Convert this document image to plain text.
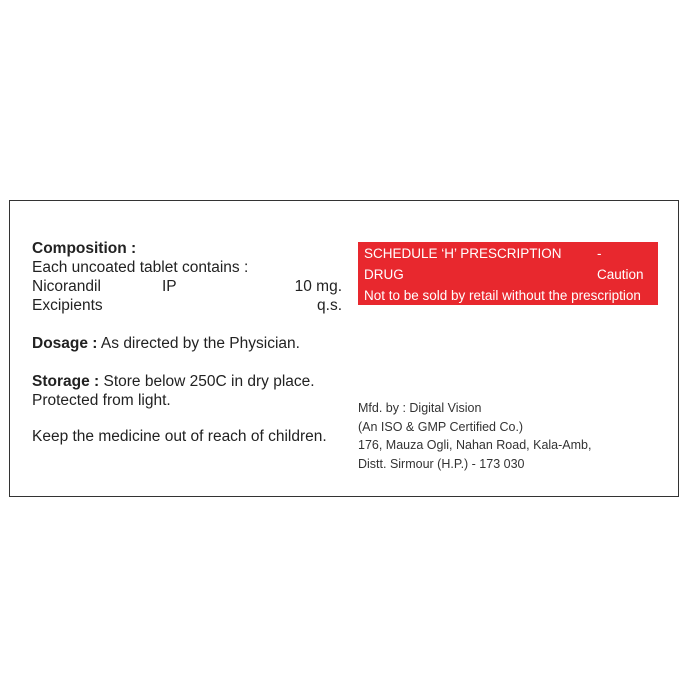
Composition :
Each uncoated tablet contains :
Nicorandil	IP	10 mg.
Excipients	q.s.
Dosage : As directed by the Physician.
Storage : Store below 250C in dry place.
Protected from light.
Keep the medicine out of reach of children.
SCHEDULE ‘H’ PRESCRIPTION DRUG
- Caution
Not to be sold by retail without the prescription
of a Registered Medical Practitioner.
Mfd. by : Digital Vision
(An ISO & GMP Certified Co.)
176, Mauza Ogli, Nahan Road, Kala-Amb,
Distt. Sirmour (H.P.) - 173 030
